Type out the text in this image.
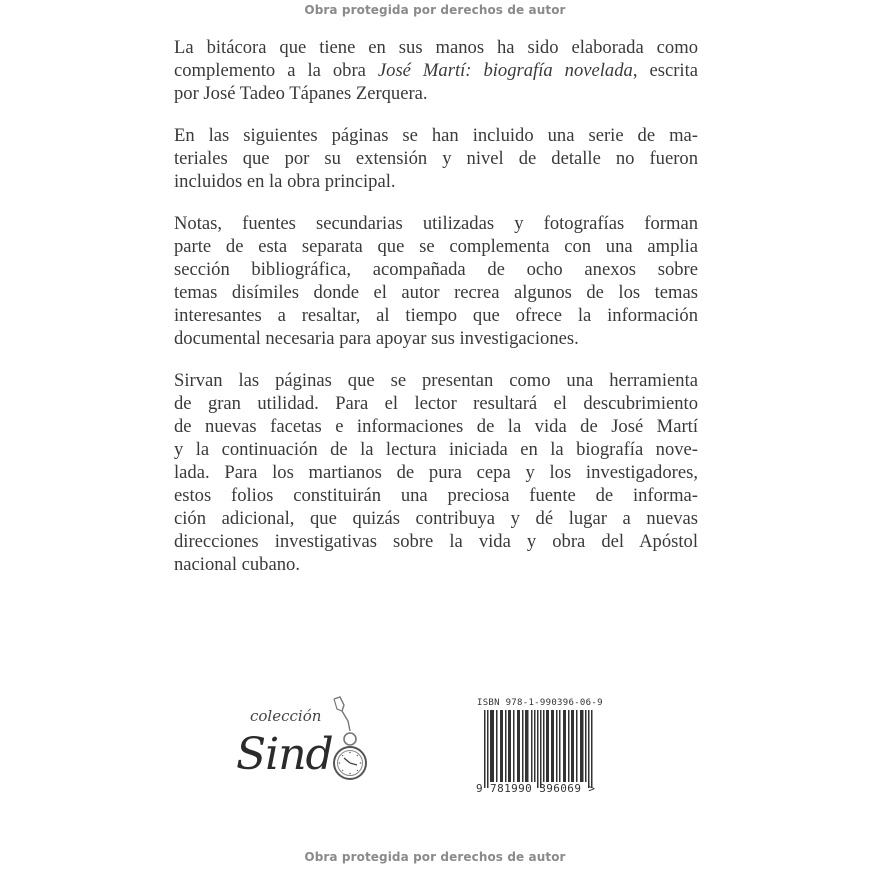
Obra protegida por derechos de autor

La bitácora que tiene en sus manos ha sido elaborada como
complemento a la obra José Martí: biografía novelada, escrita
por José Tadeo Tápanes Zerquera.

En las siguientes páginas se han incluido una serie de ma-
teriales que por su extensión y nivel de detalle no fueron
incluidos en la obra principal.

Notas, fuentes secundarias utilizadas y fotografías forman
parte de esta separata que se complementa con una amplia
sección bibliográfica, acompañada de ocho anexos sobre
temas disímiles donde el autor recrea algunos de los temas
interesantes a resaltar, al tiempo que ofrece la información
documental necesaria para apoyar sus investigaciones.

Sirvan las páginas que se presentan como una herramienta
de gran utilidad. Para el lector resultará el descubrimiento
de nuevas facetas e informaciones de la vida de José Martí
y la continuación de la lectura iniciada en la biografía nove-
lada. Para los martianos de pura cepa y los investigadores,
estos folios constituirán una preciosa fuente de informa-
ción adicional, que quizás contribuya y dé lugar a nuevas
direcciones investigativas sobre la vida y obra del Apóstol
nacional cubano.

colección
Sind
ISBN 978-1-990396-06-9
9 781990 396069 >
Obra protegida por derechos de autor
